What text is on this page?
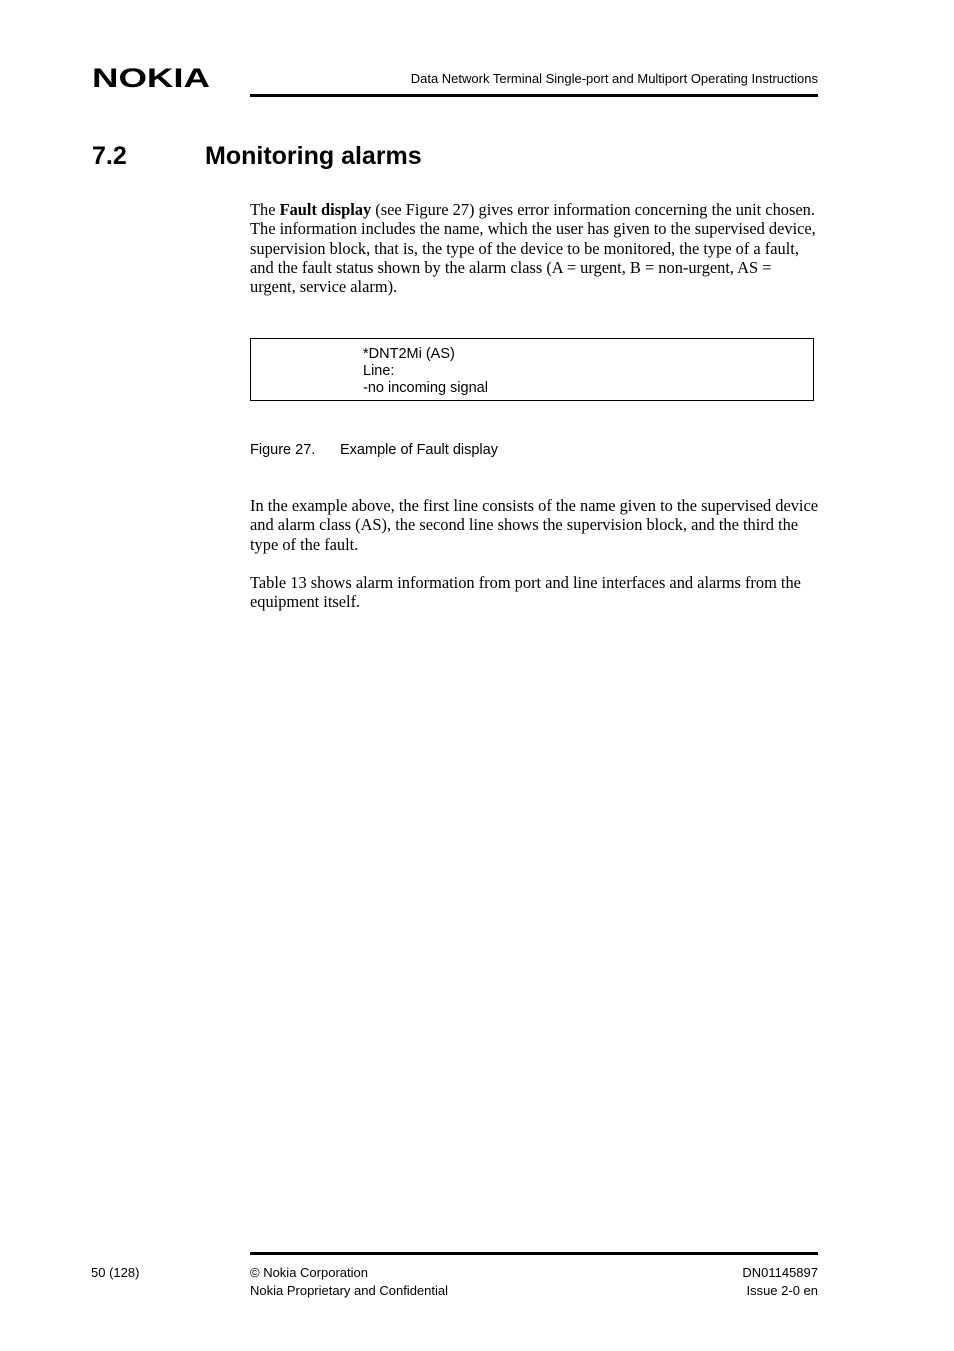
NOKIA	Data Network Terminal Single-port and Multiport Operating Instructions
7.2	Monitoring alarms
The Fault display (see Figure 27) gives error information concerning the unit chosen. The information includes the name, which the user has given to the supervised device, supervision block, that is, the type of the device to be monitored, the type of a fault, and the fault status shown by the alarm class (A = urgent, B = non-urgent, AS = urgent, service alarm).
*DNT2Mi (AS)
Line:
-no incoming signal
Figure 27. Example of Fault display
In the example above, the first line consists of the name given to the supervised device and alarm class (AS), the second line shows the supervision block, and the third the type of the fault.
Table 13 shows alarm information from port and line interfaces and alarms from the equipment itself.
50 (128)	© Nokia Corporation
Nokia Proprietary and Confidential
DN01145897
Issue 2-0 en
